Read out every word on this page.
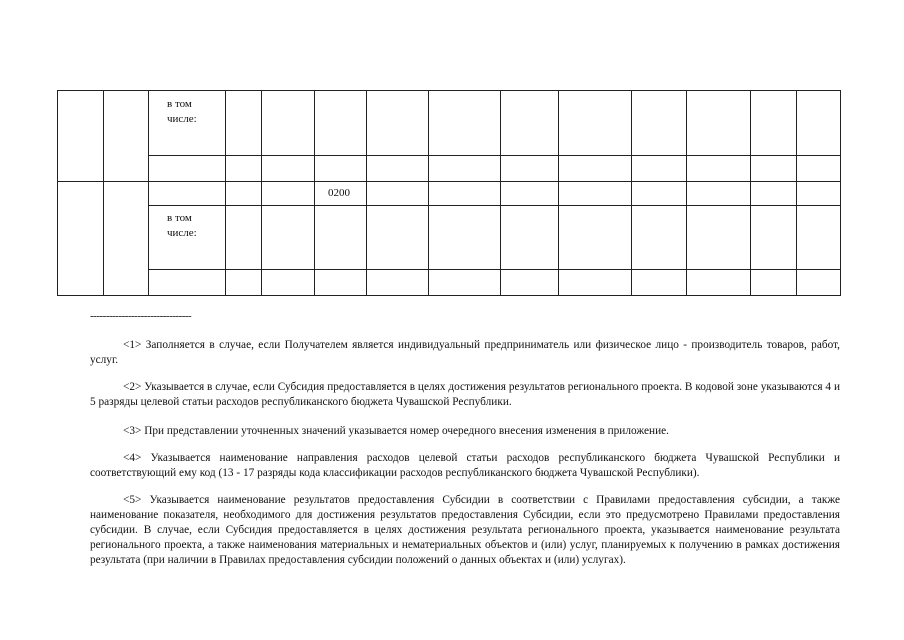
--------------------------------
<1> Заполняется в случае, если Получателем является индивидуальный предприниматель или физическое лицо - производитель товаров, работ, услуг.
<2> Указывается в случае, если Субсидия предоставляется в целях достижения результатов регионального проекта. В кодовой зоне указываются 4 и 5 разряды целевой статьи расходов республиканского бюджета Чувашской Республики.
<3> При представлении уточненных значений указывается номер очередного внесения изменения в приложение.
<4> Указывается наименование направления расходов целевой статьи расходов республиканского бюджета Чувашской Республики и соответствующий ему код (13 - 17 разряды кода классификации расходов республиканского бюджета Чувашской Республики).
<5> Указывается наименование результатов предоставления Субсидии в соответствии с Правилами предоставления субсидии, а также наименование показателя, необходимого для достижения результатов предоставления Субсидии, если это предусмотрено Правилами предоставления субсидии. В случае, если Субсидия предоставляется в целях достижения результата регионального проекта, указывается наименование результата регионального проекта, а также наименования материальных и нематериальных объектов и (или) услуг, планируемых к получению в рамках достижения результата (при наличии в Правилах предоставления субсидии положений о данных объектах и (или) услугах).
в том
числе:
0200
в том
числе:
